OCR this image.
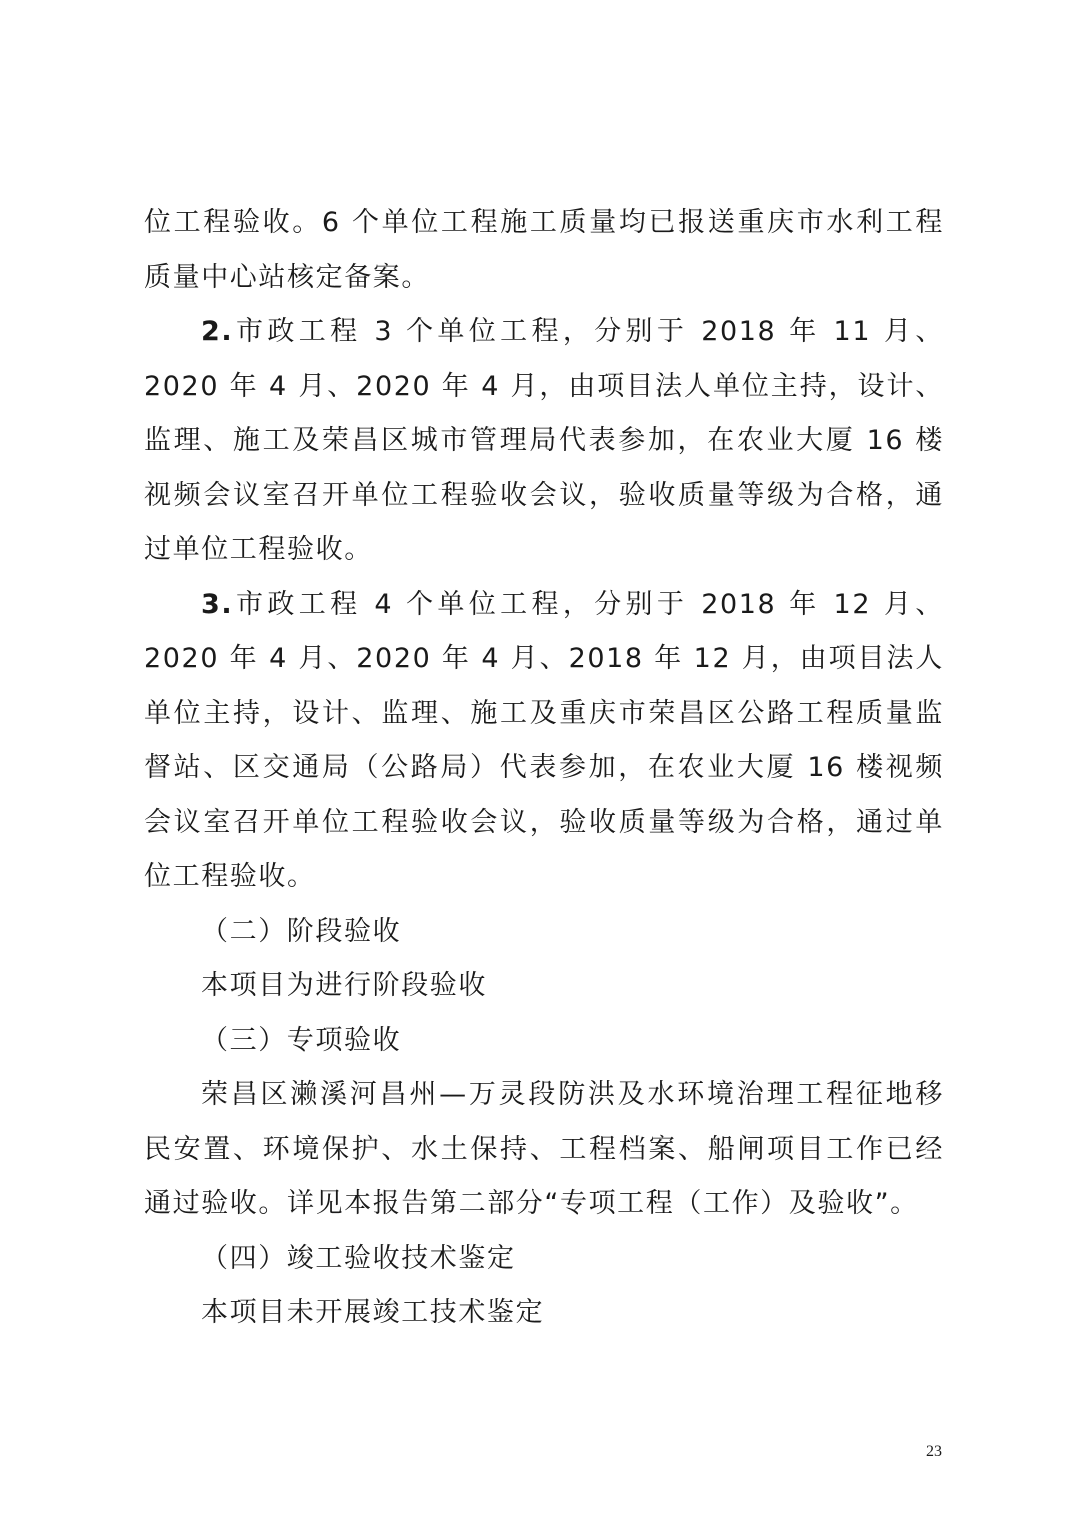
位工程验收。6 个单位工程施工质量均已报送重庆市水利工程质量中心站核定备案。

2.市政工程 3 个单位工程，分别于 2018 年 11 月、2020 年 4 月、2020 年 4 月，由项目法人单位主持，设计、监理、施工及荣昌区城市管理局代表参加，在农业大厦 16 楼视频会议室召开单位工程验收会议，验收质量等级为合格，通过单位工程验收。

3.市政工程 4 个单位工程，分别于 2018 年 12 月、2020 年 4 月、2020 年 4 月、2018 年 12 月，由项目法人单位主持，设计、监理、施工及重庆市荣昌区公路工程质量监督站、区交通局（公路局）代表参加，在农业大厦 16 楼视频会议室召开单位工程验收会议，验收质量等级为合格，通过单位工程验收。

（二）阶段验收

本项目为进行阶段验收

（三）专项验收

荣昌区濑溪河昌州—万灵段防洪及水环境治理工程征地移民安置、环境保护、水土保持、工程档案、船闸项目工作已经通过验收。详见本报告第二部分“专项工程（工作）及验收”。

（四）竣工验收技术鉴定

本项目未开展竣工技术鉴定

23
